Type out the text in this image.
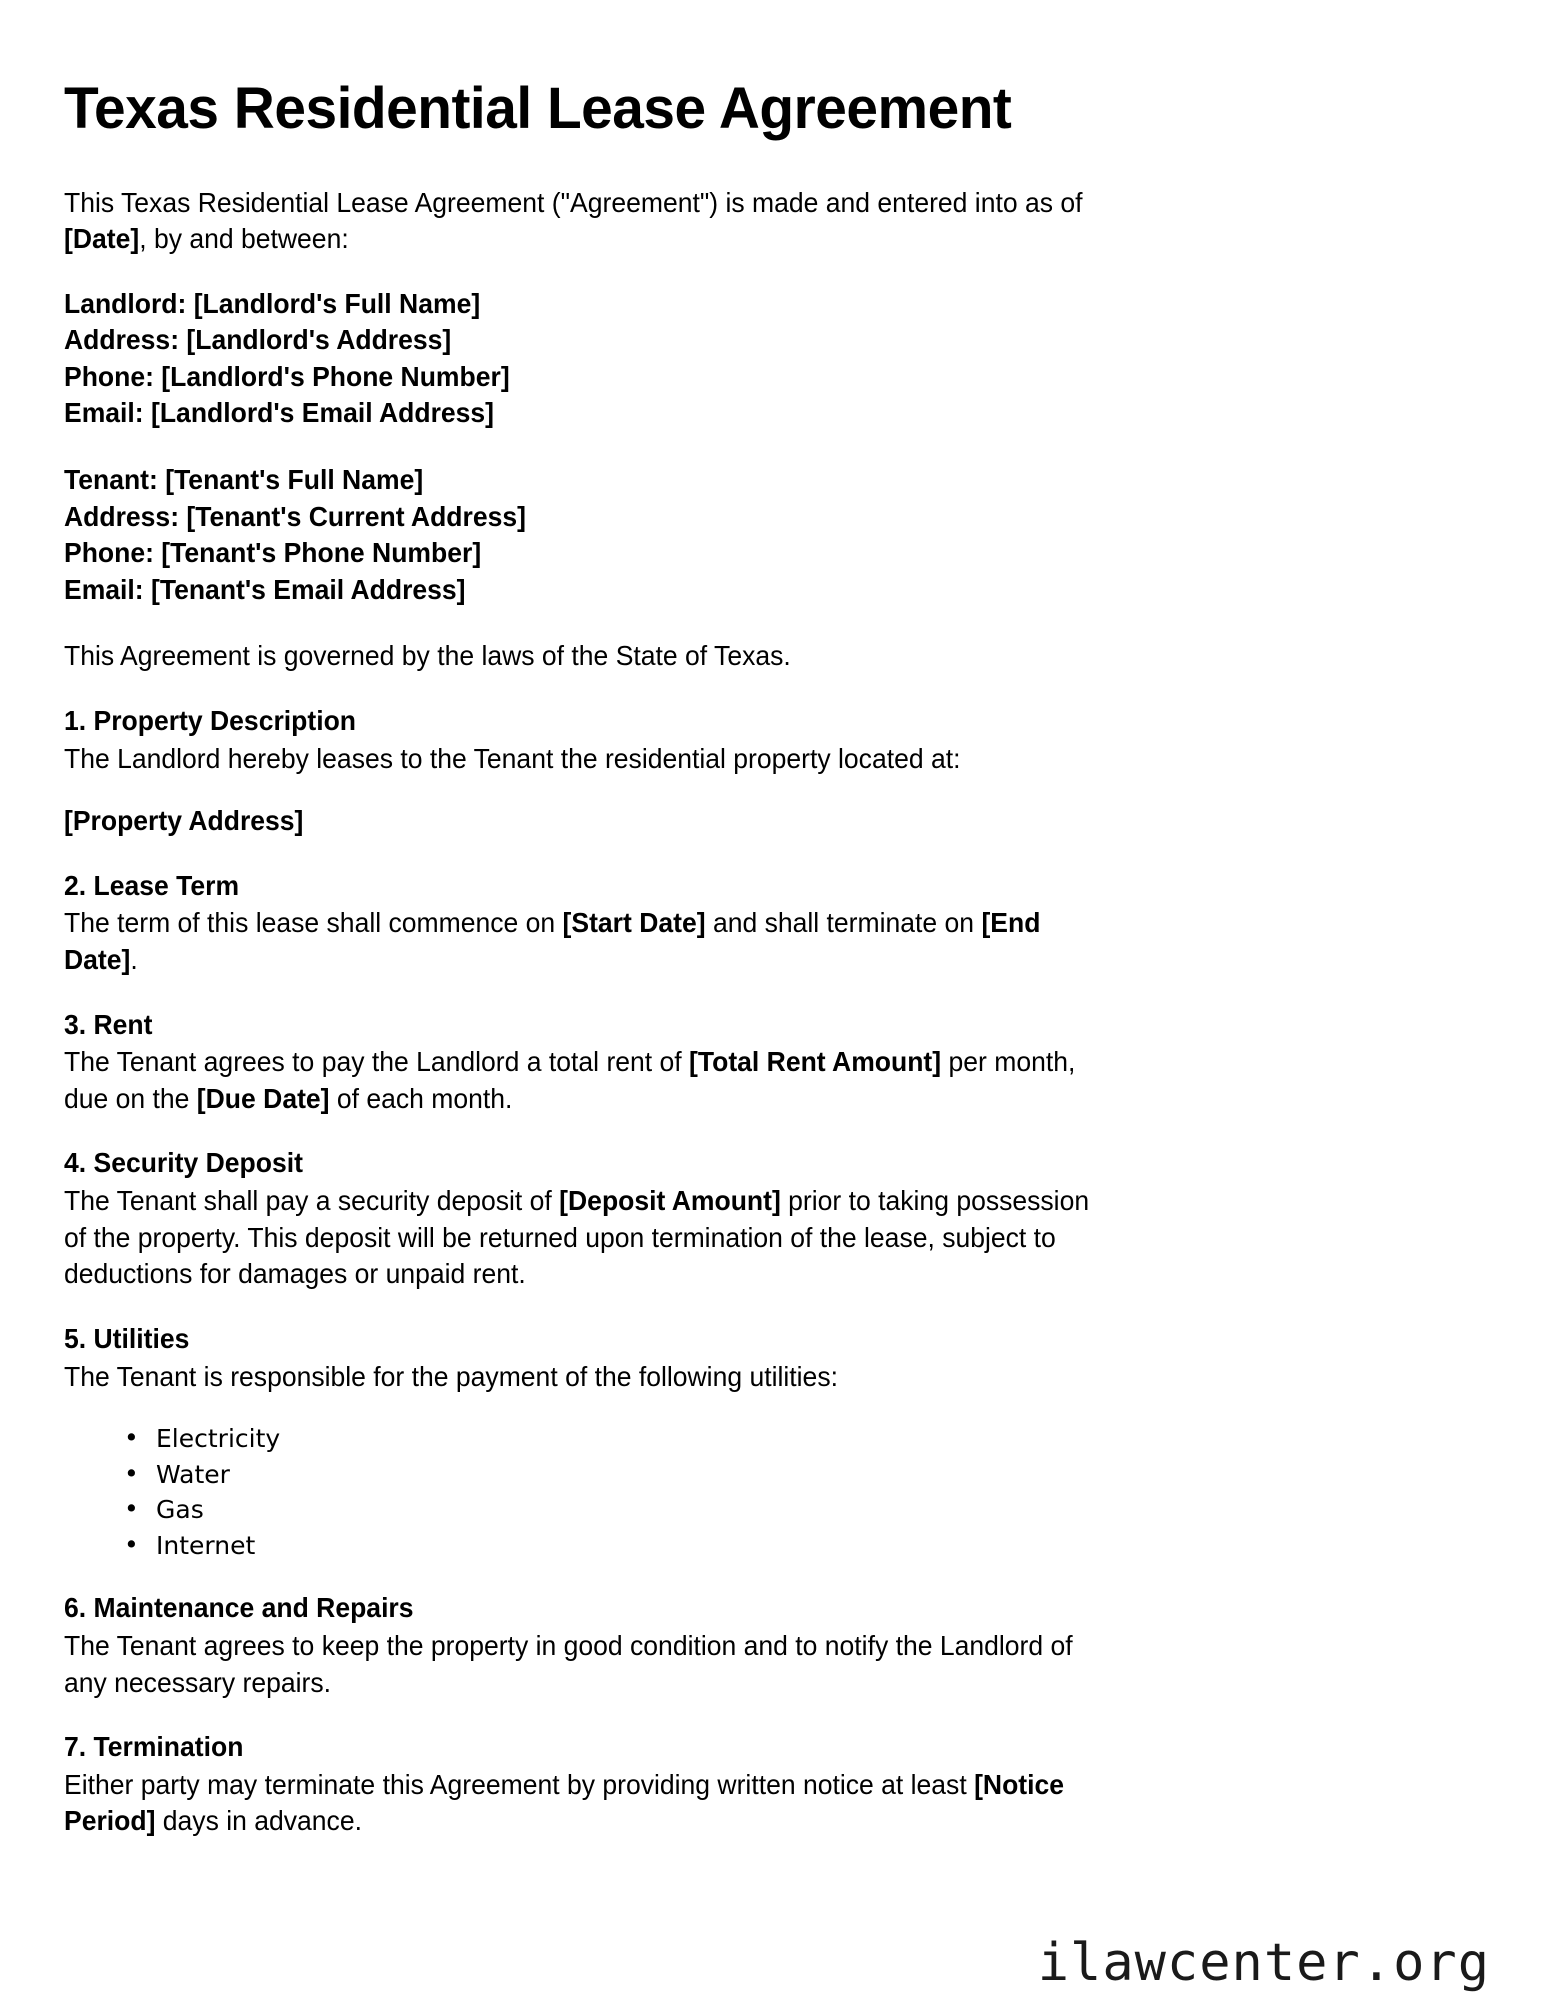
Texas Residential Lease Agreement

This Texas Residential Lease Agreement ("Agreement") is made and entered into as of [Date], by and between:

Landlord: [Landlord's Full Name]
Address: [Landlord's Address]
Phone: [Landlord's Phone Number]
Email: [Landlord's Email Address]
Tenant: [Tenant's Full Name]
Address: [Tenant's Current Address]
Phone: [Tenant's Phone Number]
Email: [Tenant's Email Address]

This Agreement is governed by the laws of the State of Texas.

1. Property Description

The Landlord hereby leases to the Tenant the residential property located at:

[Property Address]
2. Lease Term

The term of this lease shall commence on [Start Date] and shall terminate on [End Date].

3. Rent

The Tenant agrees to pay the Landlord a total rent of [Total Rent Amount] per month, due on the [Due Date] of each month.

4. Security Deposit

The Tenant shall pay a security deposit of [Deposit Amount] prior to taking possession of the property. This deposit will be returned upon termination of the lease, subject to deductions for damages or unpaid rent.

5. Utilities

The Tenant is responsible for the payment of the following utilities:

• Electricity
• Water
• Gas
• Internet
6. Maintenance and Repairs

The Tenant agrees to keep the property in good condition and to notify the Landlord of any necessary repairs.

7. Termination

Either party may terminate this Agreement by providing written notice at least [Notice Period] days in advance.

ilawcenter.org
